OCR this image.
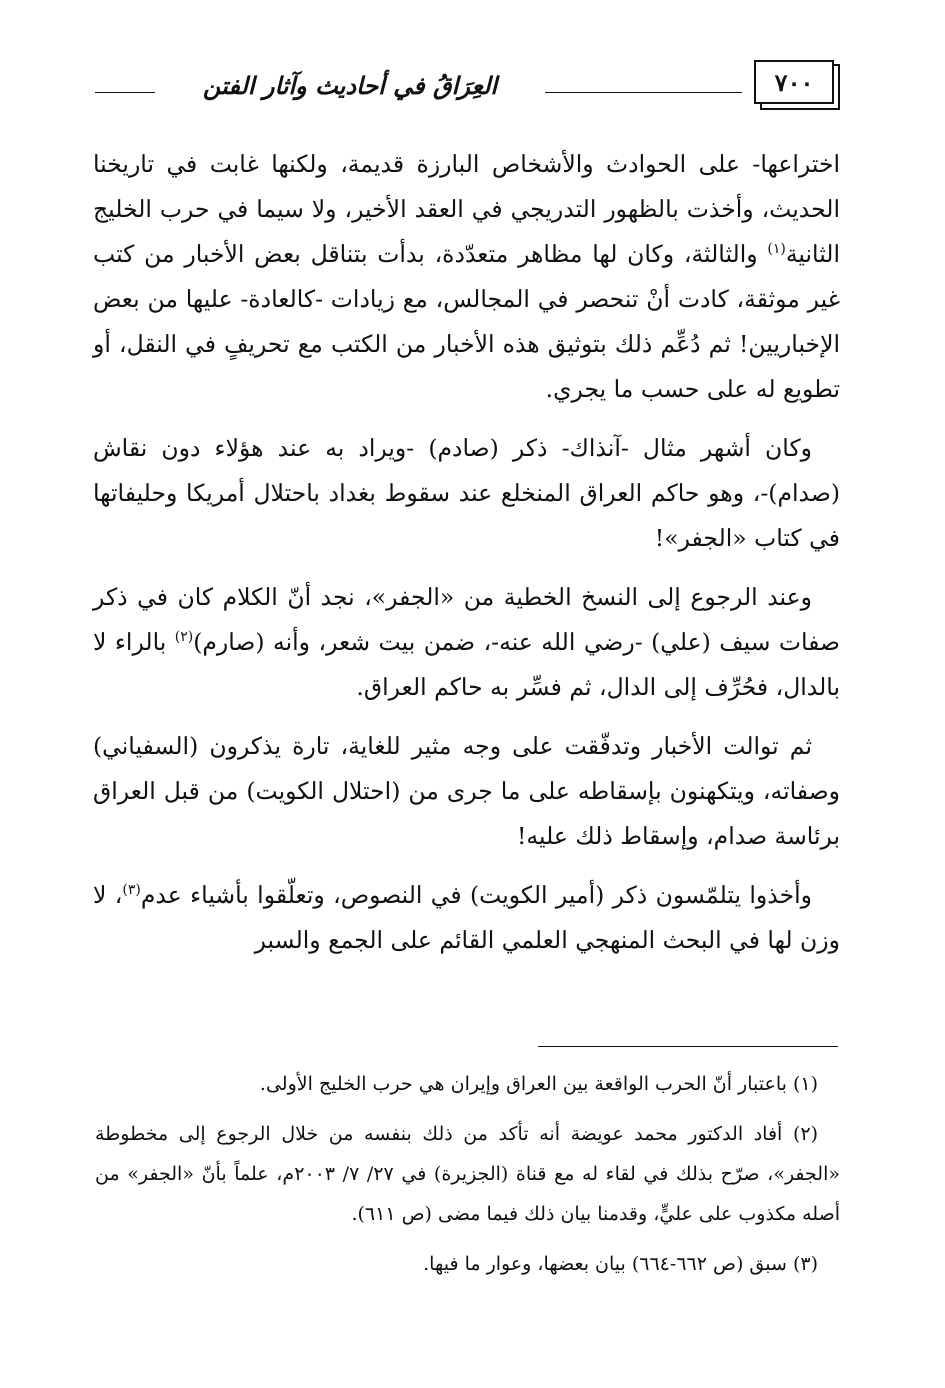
العِرَاقُ في أحاديث وآثار الفتن	٧٠٠

اختراعها- على الحوادث والأشخاص البارزة قديمة، ولكنها غابت في تاريخنا الحديث، وأخذت بالظهور التدريجي في العقد الأخير، ولا سيما في حرب الخليج الثانية$^{(١)}$ والثالثة، وكان لها مظاهر متعدّدة، بدأت بتناقل بعض الأخبار من كتب غير موثقة، كادت أنْ تنحصر في المجالس، مع زيادات -كالعادة- عليها من بعض الإخباريين! ثم دُعِّم ذلك بتوثيق هذه الأخبار من الكتب مع تحريفٍ في النقل، أو تطويع له على حسب ما يجري.

وكان أشهر مثال -آنذاك- ذكر (صادم) -ويراد به عند هؤلاء دون نقاش (صدام)-، وهو حاكم العراق المنخلع عند سقوط بغداد باحتلال أمريكا وحليفاتها في كتاب «الجفر»!

وعند الرجوع إلى النسخ الخطية من «الجفر»، نجد أنّ الكلام كان في ذكر صفات سيف (علي) -رضي الله عنه-، ضمن بيت شعر، وأنه (صارم)$^{(٢)}$ بالراء لا بالدال، فحُرِّف إلى الدال، ثم فسِّر به حاكم العراق.

ثم توالت الأخبار وتدفّقت على وجه مثير للغاية، تارة يذكرون (السفياني) وصفاته، ويتكهنون بإسقاطه على ما جرى من (احتلال الكويت) من قبل العراق برئاسة صدام، وإسقاط ذلك عليه!

وأخذوا يتلمّسون ذكر (أمير الكويت) في النصوص، وتعلّقوا بأشياء عدم$^{(٣)}$، لا وزن لها في البحث المنهجي العلمي القائم على الجمع والسبر

(١) باعتبار أنّ الحرب الواقعة بين العراق وإيران هي حرب الخليج الأولى.

(٢) أفاد الدكتور محمد عويضة أنه تأكد من ذلك بنفسه من خلال الرجوع إلى مخطوطة «الجفر»، صرّح بذلك في لقاء له مع قناة (الجزيرة) في ٢٧/ ٧/ ٢٠٠٣م، علماً بأنّ «الجفر» من أصله مكذوب على عليٍّ، وقدمنا بيان ذلك فيما مضى (ص ٦١١).

(٣) سبق (ص ٦٦٢-٦٦٤) بيان بعضها، وعوار ما فيها.
